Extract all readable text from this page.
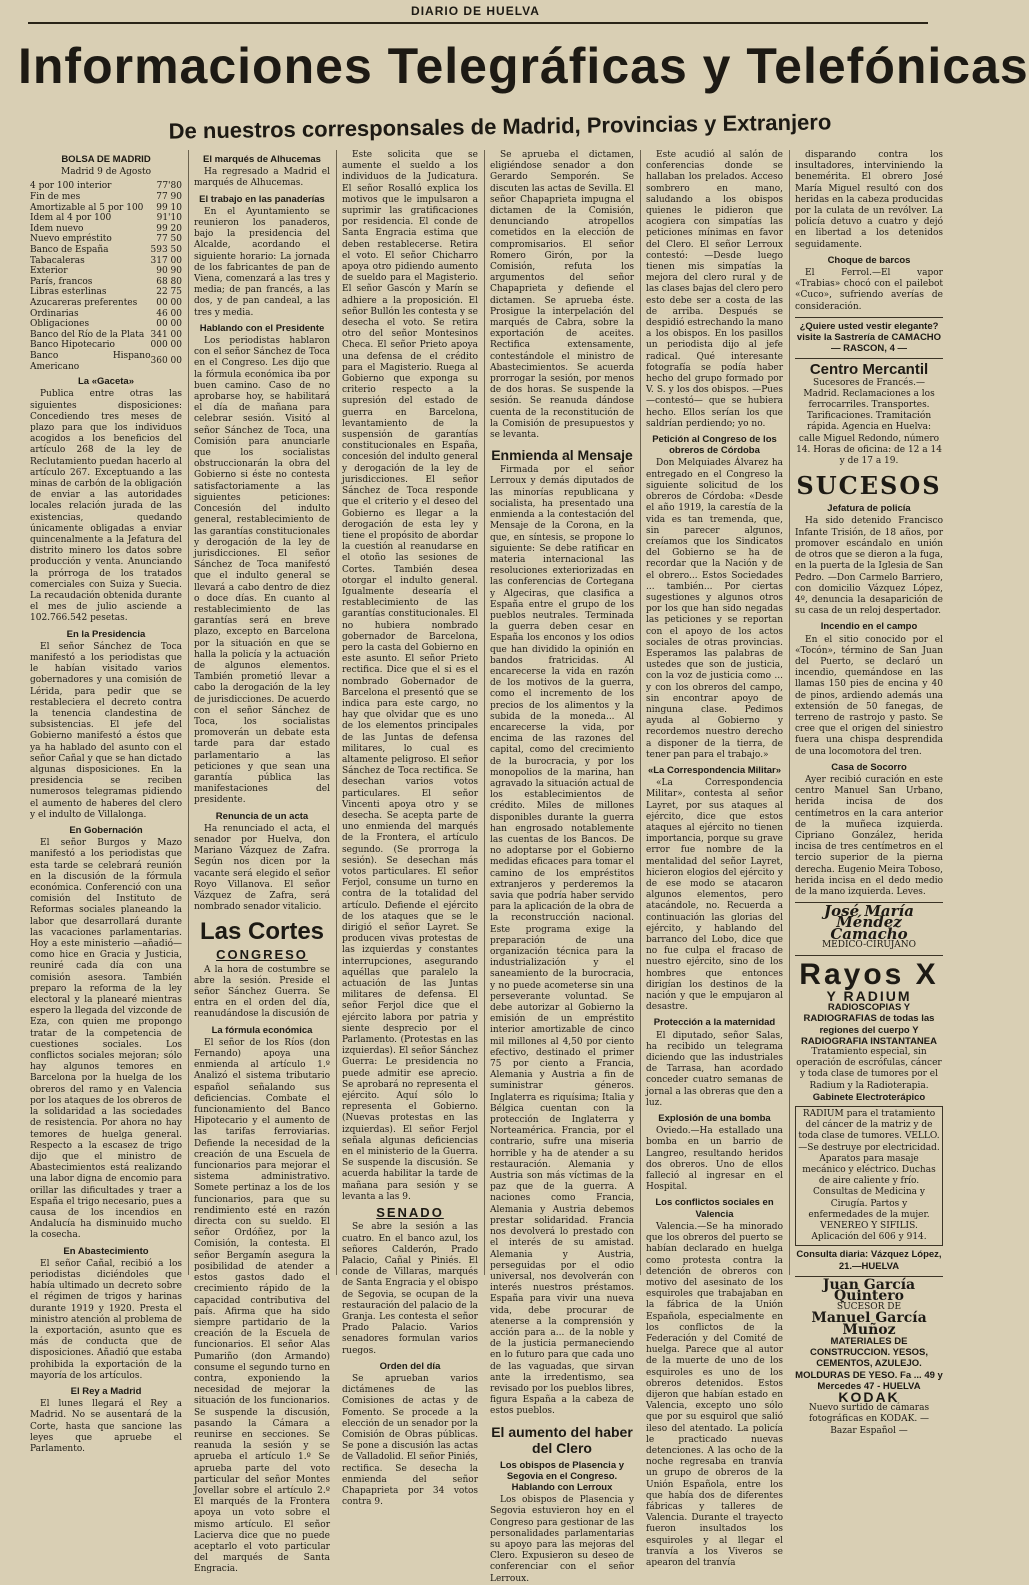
DIARIO DE HUELVA
Informaciones Telegráficas y Telefónicas
De nuestros corresponsales de Madrid, Provincias y Extranjero
BOLSA DE MADRID
Madrid 9 de Agosto
4 por 100 interior	77'80
Fin de mes	77 90
Amortizable al 5 por 100	99 10
Idem al 4 por 100	91'10
Idem nuevo	99 20
Nuevo empréstito	77 50
Banco de España	593 50
Tabacaleras	317 00
Exterior	90 90
París, francos	68 80
Libras esterlinas	22 75
Azucareras preferentes	00 00
Ordinarias	46 00
Obligaciones	00 00
Banco del Río de la Plata	341 00
Banco Hipotecario	000 00
Banco Hispano Americano	360 00
La «Gaceta»

Publica entre otras las siguientes disposiciones: Concediendo tres meses de plazo para que los individuos acogidos a los beneficios del artículo 268 de la ley de Reclutamiento puedan hacerlo al artículo 267. Exceptuando a las minas de carbón de la obligación de enviar a las autoridades locales relación jurada de las existencias, quedando únicamente obligadas a enviar quincenalmente a la Jefatura del distrito minero los datos sobre producción y venta. Anunciando la prórroga de los tratados comerciales con Suiza y Suecia. La recaudación obtenida durante el mes de julio asciende a 102.766.542 pesetas.

En la Presidencia

El señor Sánchez de Toca manifestó a los periodistas que le habían visitado varios gobernadores y una comisión de Lérida, para pedir que se restableciera el decreto contra la tenencia clandestina de subsistencias. El jefe del Gobierno manifestó a éstos que ya ha hablado del asunto con el señor Cañal y que se han dictado algunas disposiciones. En la presidencia se reciben numerosos telegramas pidiendo el aumento de haberes del clero y el indulto de Villalonga.

En Gobernación

El señor Burgos y Mazo manifestó a los periodistas que esta tarde se celebrará reunión en la discusión de la fórmula económica. Conferenció con una comisión del Instituto de Reformas sociales planeando la labor que desarrollará durante las vacaciones parlamentarias. Hoy a este ministerio —añadió— como hice en Gracia y Justicia, reuniré cada día con una comisión asesora. También preparo la reforma de la ley electoral y la planearé mientras espero la llegada del vizconde de Eza, con quien me propongo tratar de la competencia de cuestiones sociales. Los conflictos sociales mejoran; sólo hay algunos temores en Barcelona por la huelga de los obreros del ramo y en Valencia por los ataques de los obreros de la solidaridad a las sociedades de resistencia. Por ahora no hay temores de huelga general. Respecto a la escasez de trigo dijo que el ministro de Abastecimientos está realizando una labor digna de encomio para orillar las dificultades y traer a España el trigo necesario, pues a causa de los incendios en Andalucía ha disminuido mucho la cosecha.

En Abastecimiento

El señor Cañal, recibió a los periodistas diciéndoles que había ultimado un decreto sobre el régimen de trigos y harinas durante 1919 y 1920. Presta el ministro atención al problema de la exportación, asunto que es más de conducta que de disposiciones. Añadió que estaba prohibida la exportación de la mayoría de los artículos.

El Rey a Madrid

El lunes llegará el Rey a Madrid. No se ausentará de la Corte, hasta que sancione las leyes que apruebe el Parlamento.

El marqués de Alhucemas

Ha regresado a Madrid el marqués de Alhucemas.

El trabajo en las panaderías

En el Ayuntamiento se reunieron los panaderos, bajo la presidencia del Alcalde, acordando el siguiente horario: La jornada de los fabricantes de pan de Viena, comenzará a las tres y media; de pan francés, a las dos, y de pan candeal, a las tres y media.

Hablando con el Presidente

Los periodistas hablaron con el señor Sánchez de Toca en el Congreso. Les dijo que la fórmula económica iba por buen camino. Caso de no aprobarse hoy, se habilitará el día de mañana para celebrar sesión. Visitó al señor Sánchez de Toca, una Comisión para anunciarle que los socialistas obstruccionarán la obra del Gobierno si éste no contesta satisfactoriamente a las siguientes peticiones: Concesión del indulto general, restablecimiento de las garantías constitucionales y derogación de la ley de jurisdicciones. El señor Sánchez de Toca manifestó que el indulto general se llevará a cabo dentro de diez o doce días. En cuanto al restablecimiento de las garantías será en breve plazo, excepto en Barcelona por la situación en que se halla la policía y la actuación de algunos elementos. También prometió llevar a cabo la derogación de la ley de jurisdicciones. De acuerdo con el señor Sánchez de Toca, los socialistas promoverán un debate esta tarde para dar estado parlamentario a las peticiones y que sean una garantía pública las manifestaciones del presidente.

Renuncia de un acta

Ha renunciado el acta, el senador por Huelva, don Mariano Vázquez de Zafra. Según nos dicen por la vacante será elegido el señor Royo Villanova. El señor Vázquez de Zafra, será nombrado senador vitalicio.

Las Cortes
CONGRESO

A la hora de costumbre se abre la sesión. Preside el señor Sánchez Guerra. Se entra en el orden del día, reanudándose la discusión de

La fórmula económica

El señor de los Ríos (don Fernando) apoya una enmienda al artículo 1.º Analizó el sistema tributario español señalando sus deficiencias. Combate el funcionamiento del Banco Hipotecario y el aumento de las tarifas ferroviarias. Defiende la necesidad de la creación de una Escuela de funcionarios para mejorar el sistema administrativo. Somete pertinaz a los de los funcionarios, para que su rendimiento esté en razón directa con su sueldo. El señor Ordóñez, por la Comisión, la contesta. El señor Bergamín asegura la posibilidad de atender a estos gastos dado el crecimiento rápido de la capacidad contributiva del país. Afirma que ha sido siempre partidario de la creación de la Escuela de funcionarios. El señor Alas Pumariño (don Armando) consume el segundo turno en contra, exponiendo la necesidad de mejorar la situación de los funcionarios. Se suspende la discusión, pasando la Cámara a reunirse en secciones. Se reanuda la sesión y se aprueba el artículo 1.º Se aprueba parte del voto particular del señor Montes Jovellar sobre el artículo 2.º El marqués de la Frontera apoya un voto sobre el mismo artículo. El señor Lacierva dice que no puede aceptarlo el voto particular del marqués de Santa Engracia.

Este solicita que se aumente el sueldo a los individuos de la Judicatura. El señor Rosalló explica los motivos que le impulsaron a suprimir las gratificaciones por residencia. El conde de Santa Engracia estima que deben restablecerse. Retira el voto. El señor Chicharro apoya otro pidiendo aumento de sueldo para el Magisterio. El señor Gascón y Marín se adhiere a la proposición. El señor Bullón les contesta y se desecha el voto. Se retira otro del señor Montesinos Checa. El señor Prieto apoya una defensa de el crédito para el Magisterio. Ruega al Gobierno que exponga su criterio respecto a la supresión del estado de guerra en Barcelona, levantamiento de la suspensión de garantías constitucionales en España, concesión del indulto general y derogación de la ley de jurisdicciones. El señor Sánchez de Toca responde que el criterio y el deseo del Gobierno es llegar a la derogación de esta ley y tiene el propósito de abordar la cuestión al reanudarse en el otoño las sesiones de Cortes. También desea otorgar el indulto general. Igualmente desearía el restablecimiento de las garantías constitucionales. El no hubiera nombrado gobernador de Barcelona, pero la casta del Gobierno en este asunto. El señor Prieto rectifica. Dice que el si es el nombrado Gobernador de Barcelona el presentó que se indica para este cargo, no hay que olvidar que es uno de los elementos principales de las Juntas de defensa militares, lo cual es altamente peligroso. El señor Sánchez de Toca rectifica. Se desechan varios votos particulares. El señor Vincenti apoya otro y se desecha. Se acepta parte de uno enmienda del marqués de la Frontera, el artículo segundo. (Se prorroga la sesión). Se desechan más votos particulares. El señor Ferjol, consume un turno en contra de la totalidad del artículo. Defiende el ejército de los ataques que se le dirigió el señor Layret. Se producen vivas protestas de las izquierdas y constantes interrupciones, asegurando aquéllas que paralelo la actuación de las Juntas militares de defensa. El señor Ferjol dice que el ejército labora por patria y siente desprecio por el Parlamento. (Protestas en las izquierdas). El señor Sánchez Guerra: Le presidencia no puede admitir ese aprecio. Se aprobará no representa el ejército. Aquí sólo lo representa el Gobierno. (Nuevas protestas en las izquierdas). El señor Ferjol señala algunas deficiencias en el ministerio de la Guerra. Se suspende la discusión. Se acuerda habilitar la tarde de mañana para sesión y se levanta a las 9.

SENADO

Se abre la sesión a las cuatro. En el banco azul, los señores Calderón, Prado Palacio, Cañal y Piniés. El conde de Villaras, marqués de Santa Engracia y el obispo de Segovia, se ocupan de la restauración del palacio de la Granja. Les contesta el señor Prado Palacio. Varios senadores formulan varios ruegos.

Orden del día

Se aprueban varios dictámenes de las Comisiones de actas y de Fomento. Se procede a la elección de un senador por la Comisión de Obras públicas. Se pone a discusión las actas de Valladolid. El señor Piniés, rectifica. Se desecha la enmienda del señor Chapaprieta por 34 votos contra 9.

Se aprueba el dictamen, eligiéndose senador a don Gerardo Semporén. Se discuten las actas de Sevilla. El señor Chapaprieta impugna el dictamen de la Comisión, denunciando atropellos cometidos en la elección de compromisarios. El señor Romero Girón, por la Comisión, refuta los argumentos del señor Chapaprieta y defiende el dictamen. Se aprueba éste. Prosigue la interpelación del marqués de Cabra, sobre la exportación de aceites. Rectifica extensamente, contestándole el ministro de Abastecimientos. Se acuerda prorrogar la sesión, por menos de dos horas. Se suspende la sesión. Se reanuda dándose cuenta de la reconstitución de la Comisión de presupuestos y se levanta.

Enmienda al Mensaje

Firmada por el señor Lerroux y demás diputados de las minorías republicana y socialista, ha presentado una enmienda a la contestación del Mensaje de la Corona, en la que, en síntesis, se propone lo siguiente: Se debe ratificar en materia internacional las resoluciones exteriorizadas en las conferencias de Cortegana y Algeciras, que clasifica a España entre el grupo de los pueblos neutrales. Terminada la guerra deben cesar en España los enconos y los odios que han dividido la opinión en bandos fratricidas. Al encarecerse la vida en razón de los motivos de la guerra, como el incremento de los precios de los alimentos y la subida de la moneda... Al encarecerse la vida, por encima de las razones del capital, como del crecimiento de la burocracia, y por los monopolios de la marina, han agravado la situación actual de los establecimientos de crédito. Miles de millones disponibles durante la guerra han engrosado notablemente las cuentas de los Bancos. De no adoptarse por el Gobierno medidas eficaces para tomar el camino de los empréstitos extranjeros y perderemos la savia que podría haber servido para la aplicación de la obra de la reconstrucción nacional. Este programa exige la preparación de una organización técnica para la industrialización y el saneamiento de la burocracia, y no puede acometerse sin una perseverante voluntad. Se debe autorizar al Gobierno la emisión de un empréstito interior amortizable de cinco mil millones al 4,50 por ciento efectivo, destinado el primer 75 por ciento a Francia, Alemania y Austria a fin de suministrar géneros. Inglaterra es riquísima; Italia y Bélgica cuentan con la protección de Inglaterra y Norteamérica. Francia, por el contrario, sufre una miseria horrible y ha de atender a su restauración. Alemania y Austria son más víctimas de la paz que de la guerra. A naciones como Francia, Alemania y Austria debemos prestar solidaridad. Francia nos devolverá lo prestado con el interés de su amistad. Alemania y Austria, perseguidas por el odio universal, nos devolverán con interés nuestros préstamos. España para vivir una nueva vida, debe procurar de atenerse a la comprensión y acción para a... de la noble y de la justicia permaneciendo en lo futuro para que cada uno de las vaguadas, que sirvan ante la irredentismo, sea revisado por los pueblos libres, figura España a la cabeza de estos pueblos.

El aumento del haber del Clero
Los obispos de Plasencia y Segovia en el Congreso. Hablando con Lerroux

Los obispos de Plasencia y Segovia estuvieron hoy en el Congreso para gestionar de las personalidades parlamentarias su apoyo para las mejoras del Clero. Expusieron su deseo de conferenciar con el señor Lerroux.

Este acudió al salón de conferencias donde se hallaban los prelados. Acceso sombrero en mano, saludando a los obispos quienes le pidieron que acogiera con simpatías las peticiones mínimas en favor del Clero. El señor Lerroux contestó: —Desde luego tienen mis simpatías la mejora del clero rural y de las clases bajas del clero pero esto debe ser a costa de las de arriba. Después se despidió estrechando la mano a los obispos. En los pasillos un periodista dijo al jefe radical. Qué interesante fotografía se podía haber hecho del grupo formado por V. S. y los dos obispos. —Pues —contestó— que se hubiera hecho. Ellos serían los que saldrían perdiendo; yo no.

Petición al Congreso de los obreros de Córdoba

Don Melquiades Álvarez ha entregado en el Congreso la siguiente solicitud de los obreros de Córdoba: «Desde el año 1919, la carestía de la vida es tan tremenda, que, sin parecer algunos, creíamos que los Sindicatos del Gobierno se ha de recordar que la Nación y de el obrero... Estos Sociedades ... también... Por ciertas sugestiones y algunos otros por los que han sido negadas las peticiones y se reportan con el apoyo de los actos sociales de otras provincias. Esperamos las palabras de ustedes que son de justicia, con la voz de justicia como ... y con los obreros del campo, sin encontrar apoyo de ninguna clase. Pedimos ayuda al Gobierno y recordemos nuestro derecho a disponer de la tierra, de tener pan para el trabajo.»

«La Correspondencia Militar»

«La Correspondencia Militar», contesta al señor Layret, por sus ataques al ejército, dice que estos ataques al ejército no tienen importancia, porque su grave error fue nombre de la mentalidad del señor Layret, hicieron elogios del ejército y de ese modo se atacaron algunos elementos, pero atacándole, no. Recuerda a continuación las glorias del ejército, y hablando del barranco del Lobo, dice que no fue culpa el fracaso de nuestro ejército, sino de los hombres que entonces dirigían los destinos de la nación y que le empujaron al desastre.

Protección a la maternidad

El diputado, señor Salas, ha recibido un telegrama diciendo que las industriales de Tarrasa, han acordado conceder cuatro semanas de jornal a las obreras que den a luz.

Explosión de una bomba

Oviedo.—Ha estallado una bomba en un barrio de Langreo, resultando heridos dos obreros. Uno de ellos falleció al ingresar en el Hospital.

Los conflictos sociales en Valencia

Valencia.—Se ha minorado que los obreros del puerto se habían declarado en huelga como protesta contra la detención de obreros con motivo del asesinato de los esquiroles que trabajaban en la fábrica de la Unión Española, especialmente en los conflictos de la Federación y del Comité de huelga. Parece que al autor de la muerte de uno de los esquiroles es uno de los obreros detenidos. Estos dijeron que habían estado en Valencia, excepto uno sólo que por su esquirol que salió ileso del atentado. La policía le practicado nuevas detenciones. A las ocho de la noche regresaba en tranvía un grupo de obreros de la Unión Española, entre los que había dos de diferentes fábricas y talleres de Valencia. Durante el trayecto fueron insultados los esquiroles y al llegar el tranvía a los Viveros se apearon del tranvía

disparando contra los insultadores, interviniendo la benemérita. El obrero José María Miguel resultó con dos heridas en la cabeza producidas por la culata de un revólver. La policía detuvo a cuatro y dejó en libertad a los detenidos seguidamente.

Choque de barcos

El Ferrol.—El vapor «Trabias» chocó con el pailebot «Cuco», sufriendo averías de consideración.

¿Quiere usted vestir elegante? visite la Sastrería de CAMACHO — RASCON, 4 —
Centro Mercantil
Sucesores de Francés.—Madrid. Reclamaciones a los ferrocarriles. Transportes. Tarificaciones. Tramitación rápida. Agencia en Huelva: calle Miguel Redondo, número 14. Horas de oficina: de 12 a 14 y de 17 a 19.
SUCESOS
Jefatura de policía

Ha sido detenido Francisco Infante Trisión, de 18 años, por promover escándalo en unión de otros que se dieron a la fuga, en la puerta de la Iglesia de San Pedro. —Don Carmelo Barriero, con domicilio Vázquez López, 4º, denuncia la desaparición de su casa de un reloj despertador.

Incendio en el campo

En el sitio conocido por el «Tocón», término de San Juan del Puerto, se declaró un incendio, quemándose en las llamas 150 pies de encina y 40 de pinos, ardiendo además una extensión de 50 fanegas, de terreno de rastrojo y pasto. Se cree que el origen del siniestro fuera una chispa desprendida de una locomotora del tren.

Casa de Socorro

Ayer recibió curación en este centro Manuel San Urbano, herida incisa de dos centímetros en la cara anterior de la muñeca izquierda. Cipriano González, herida incisa de tres centímetros en el tercio superior de la pierna derecha. Eugenio Meira Toboso, herida incisa en el dedo medio de la mano izquierda. Leves.

José María Méndez Camacho
MEDICO-CIRUJANO
Rayos X
Y RADIUM
RADIOSCOPIAS Y RADIOGRAFIAS de todas las regiones del cuerpo Y RADIOGRAFIA INSTANTANEA
Tratamiento especial, sin operación de escrófulas, cáncer y toda clase de tumores por el Radium y la Radioterapia.
Gabinete Electroterápico
RADIUM para el tratamiento del cáncer de la matriz y de toda clase de tumores. VELLO.—Se destruye por electricidad. Aparatos para masaje mecánico y eléctrico. Duchas de aire caliente y frío. Consultas de Medicina y Cirugía. Partos y enfermedades de la mujer. VENEREO Y SIFILIS. Aplicación del 606 y 914.
Consulta diaria: Vázquez López, 21.—HUELVA
Juan García Quintero
SUCESOR DE
Manuel García Muñoz
MATERIALES DE CONSTRUCCION. YESOS, CEMENTOS, AZULEJO. MOLDURAS DE YESO. Fa ... 49 y Mercedes 47 - HUELVA
KODAK
Nuevo surtido de cámaras fotográficas en KODAK. — Bazar Español —
